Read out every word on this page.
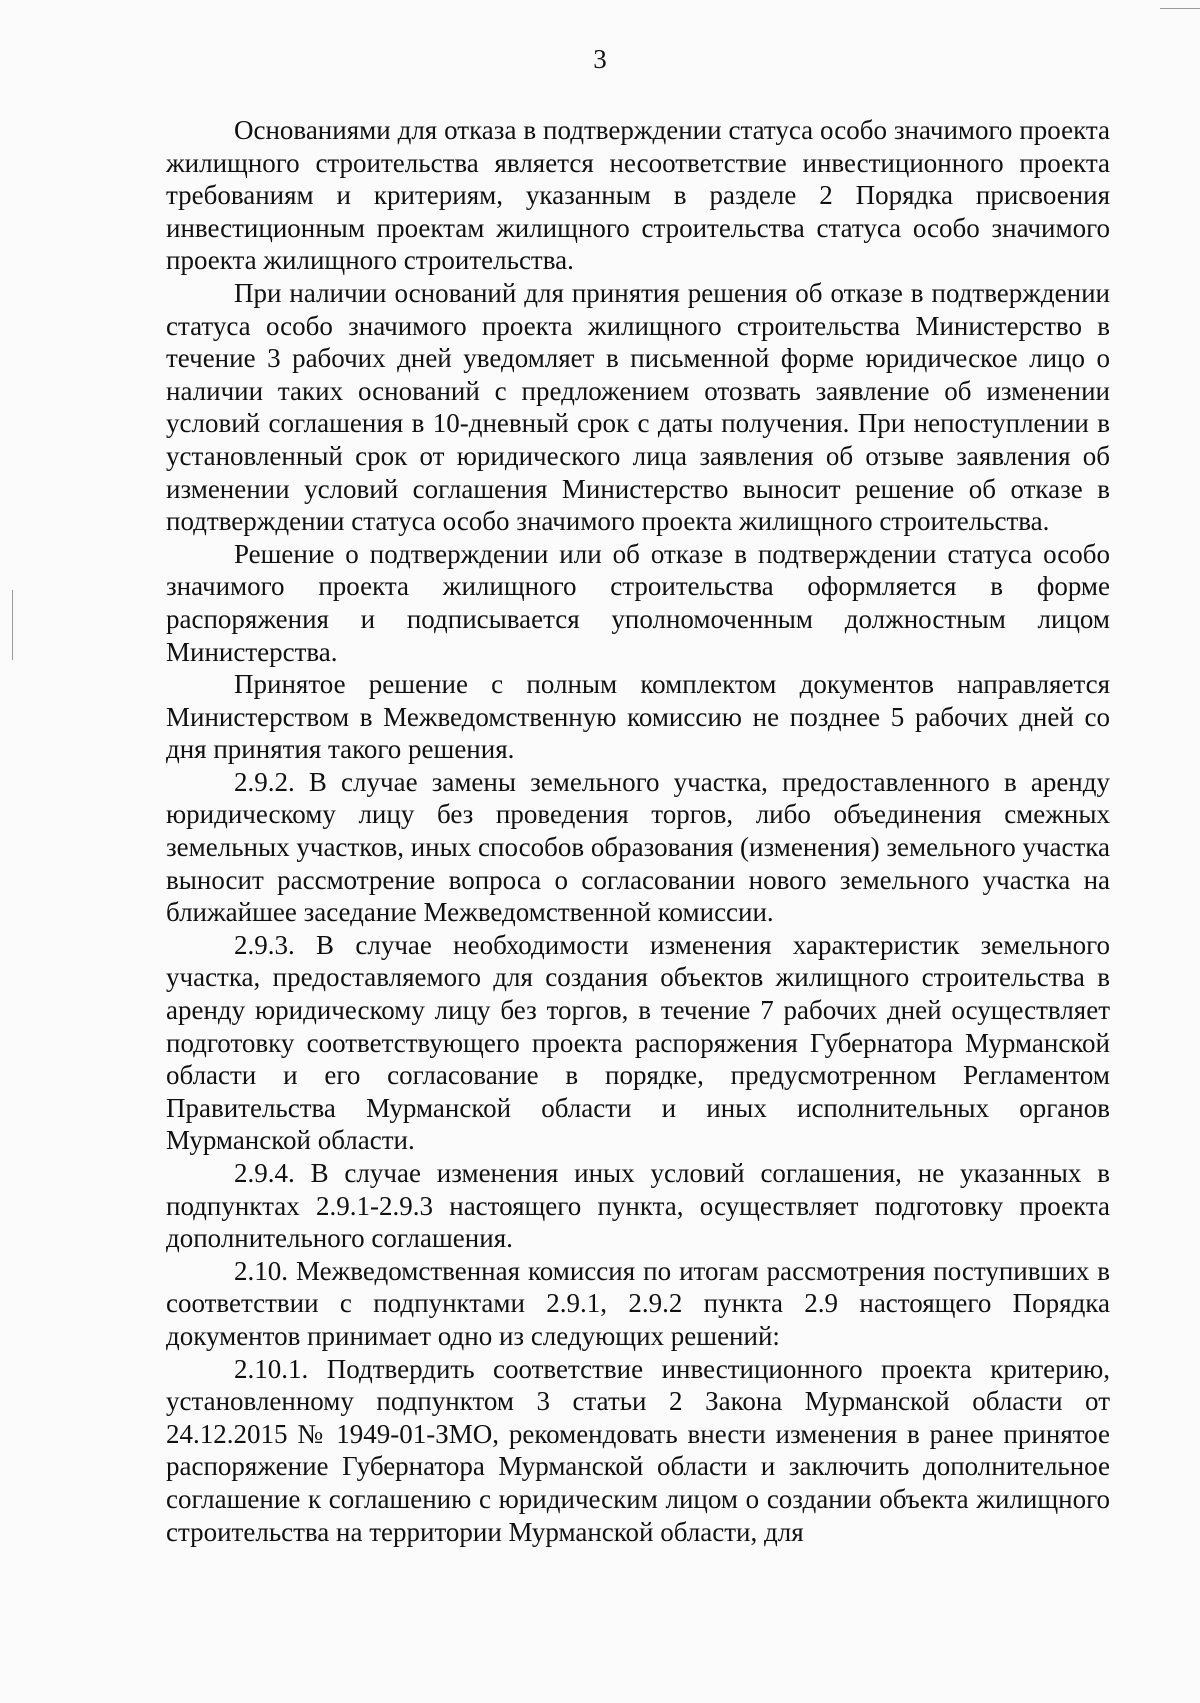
3

Основаниями для отказа в подтверждении статуса особо значимого проекта жилищного строительства является несоответствие инвестиционного проекта требованиям и критериям, указанным в разделе 2 Порядка присвоения инвестиционным проектам жилищного строительства статуса особо значимого проекта жилищного строительства.

При наличии оснований для принятия решения об отказе в подтверждении статуса особо значимого проекта жилищного строительства Министерство в течение 3 рабочих дней уведомляет в письменной форме юридическое лицо о наличии таких оснований с предложением отозвать заявление об изменении условий соглашения в 10-дневный срок с даты получения. При непоступлении в установленный срок от юридического лица заявления об отзыве заявления об изменении условий соглашения Министерство выносит решение об отказе в подтверждении статуса особо значимого проекта жилищного строительства.

Решение о подтверждении или об отказе в подтверждении статуса особо значимого проекта жилищного строительства оформляется в форме распоряжения и подписывается уполномоченным должностным лицом Министерства.

Принятое решение с полным комплектом документов направляется Министерством в Межведомственную комиссию не позднее 5 рабочих дней со дня принятия такого решения.

2.9.2. В случае замены земельного участка, предоставленного в аренду юридическому лицу без проведения торгов, либо объединения смежных земельных участков, иных способов образования (изменения) земельного участка выносит рассмотрение вопроса о согласовании нового земельного участка на ближайшее заседание Межведомственной комиссии.

2.9.3. В случае необходимости изменения характеристик земельного участка, предоставляемого для создания объектов жилищного строительства в аренду юридическому лицу без торгов, в течение 7 рабочих дней осуществляет подготовку соответствующего проекта распоряжения Губернатора Мурманской области и его согласование в порядке, предусмотренном Регламентом Правительства Мурманской области и иных исполнительных органов Мурманской области.

2.9.4. В случае изменения иных условий соглашения, не указанных в подпунктах 2.9.1-2.9.3 настоящего пункта, осуществляет подготовку проекта дополнительного соглашения.

2.10. Межведомственная комиссия по итогам рассмотрения поступивших в соответствии с подпунктами 2.9.1, 2.9.2 пункта 2.9 настоящего Порядка документов принимает одно из следующих решений:

2.10.1. Подтвердить соответствие инвестиционного проекта критерию, установленному подпунктом 3 статьи 2 Закона Мурманской области от 24.12.2015 № 1949-01-ЗМО, рекомендовать внести изменения в ранее принятое распоряжение Губернатора Мурманской области и заключить дополнительное соглашение к соглашению с юридическим лицом о создании объекта жилищного строительства на территории Мурманской области, для
